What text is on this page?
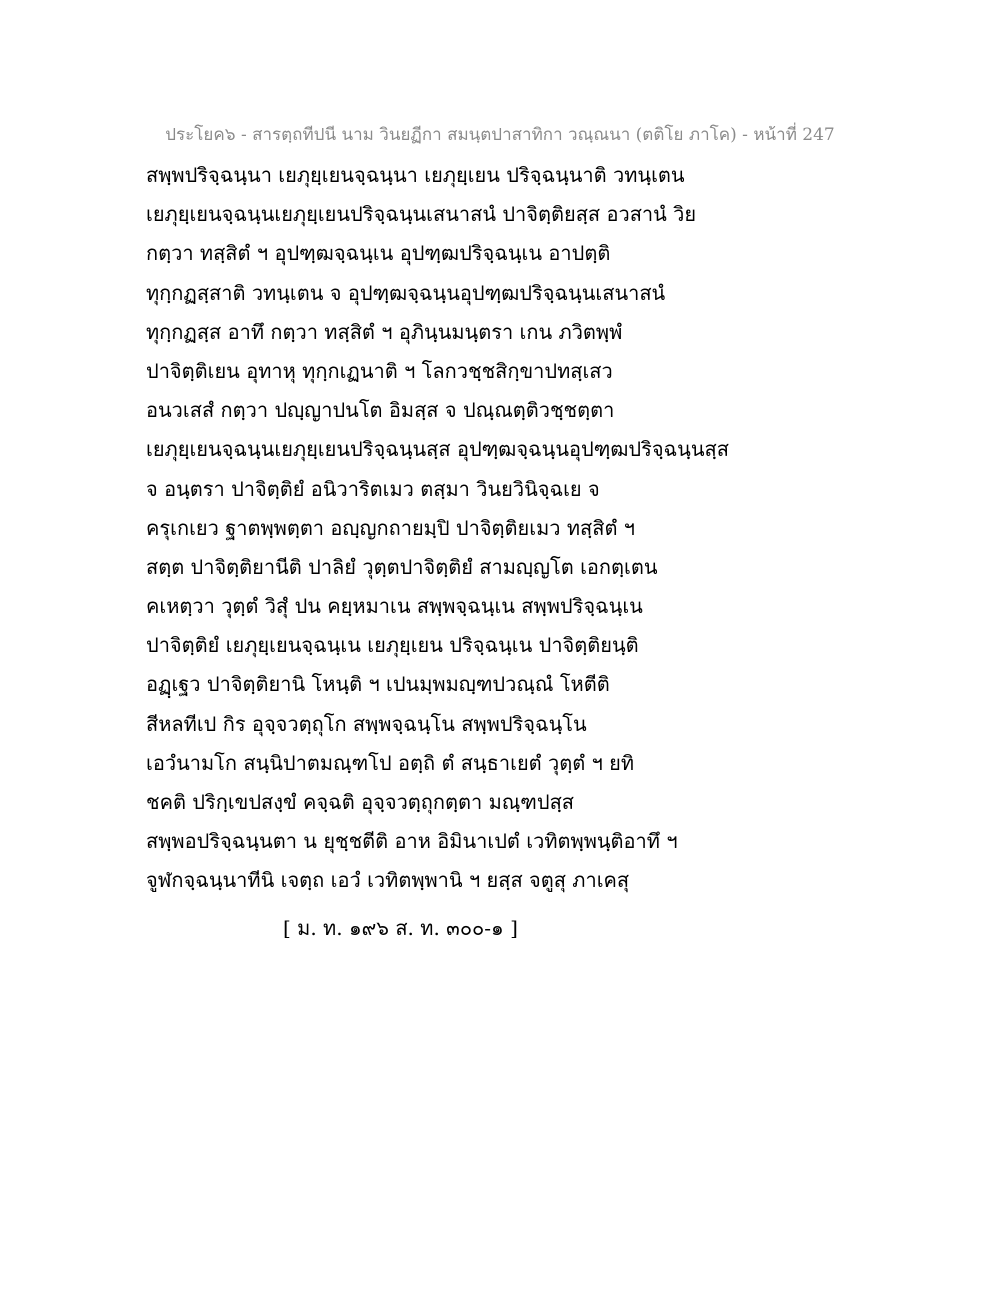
ประโยค๖ - สารตฺถทีปนี นาม วินยฏีกา สมนฺตปาสาทิกา วณฺณนา (ตติโย ภาโค) - หน้าที่ 247
สพฺพปริจฺฉนฺนา เยภุยฺเยนจฺฉนฺนา เยภุยฺเยน ปริจฺฉนฺนาติ วทนฺเตน
เยภุยฺเยนจฺฉนฺนเยภุยฺเยนปริจฺฉนฺนเสนาสนํ ปาจิตฺติยสฺส อวสานํ วิย
กตฺวา ทสฺสิตํ ฯ อุปฑฺฒจฺฉนฺเน อุปฑฺฒปริจฺฉนฺเน อาปตฺติ
ทุกฺกฏสฺสาติ วทนฺเตน จ อุปฑฺฒจฺฉนฺนอุปฑฺฒปริจฺฉนฺนเสนาสนํ
ทุกฺกฏสฺส อาทึ กตฺวา ทสฺสิตํ ฯ อุภินฺนมนฺตรา เกน ภวิตพฺพํ
ปาจิตฺติเยน อุทาหุ ทุกฺกเฏนาติ ฯ โลกวชฺชสิกฺขาปทสฺเสว
อนวเสสํ กตฺวา ปญฺญาปนโต อิมสฺส จ ปณฺณตฺติวชฺชตฺตา
เยภุยฺเยนจฺฉนฺนเยภุยฺเยนปริจฺฉนฺนสฺส อุปฑฺฒจฺฉนฺนอุปฑฺฒปริจฺฉนฺนสฺส
จ อนฺตรา ปาจิตฺติยํ อนิวาริตเมว ตสฺมา วินยวินิจฺฉเย จ
ครุเกเยว ฐาตพฺพตฺตา อญฺญกถายมฺปิ ปาจิตฺติยเมว ทสฺสิตํ ฯ
สตฺต ปาจิตฺติยานีติ ปาลิยํ วุตฺตปาจิตฺติยํ สามญฺญโต เอกตฺเตน
คเหตฺวา วุตฺตํ วิสุํ ปน คยฺหมาเน สพฺพจฺฉนฺเน สพฺพปริจฺฉนฺเน
ปาจิตฺติยํ เยภุยฺเยนจฺฉนฺเน เยภุยฺเยน ปริจฺฉนฺเน ปาจิตฺติยนฺติ
อฏฺเฐว ปาจิตฺติยานิ โหนฺติ ฯ เปนมฺพมญฺฑปวณฺณํ โหตีติ
สีหลทีเป กิร อุจฺจวตฺถุโก สพฺพจฺฉนฺโน สพฺพปริจฺฉนฺโน
เอวํนามโก สนฺนิปาตมณฺฑโป อตฺถิ ตํ สนฺธาเยตํ วุตฺตํ ฯ ยทิ
ชคติ ปริกฺเขปสงฺขํ คจฺฉติ อุจฺจวตฺถุกตฺตา มณฺฑปสฺส
สพฺพอปริจฺฉนฺนตา น ยุชฺชตีติ อาห อิมินาเปตํ เวทิตพฺพนฺติอาทึ ฯ
จูฬกจฺฉนฺนาทีนิ เจตฺถ เอวํ เวทิตพฺพานิ ฯ ยสฺส จตูสุ ภาเคสุ
[ ม. ท. ๑๙๖ ส. ท. ๓๐๐-๑ ]
